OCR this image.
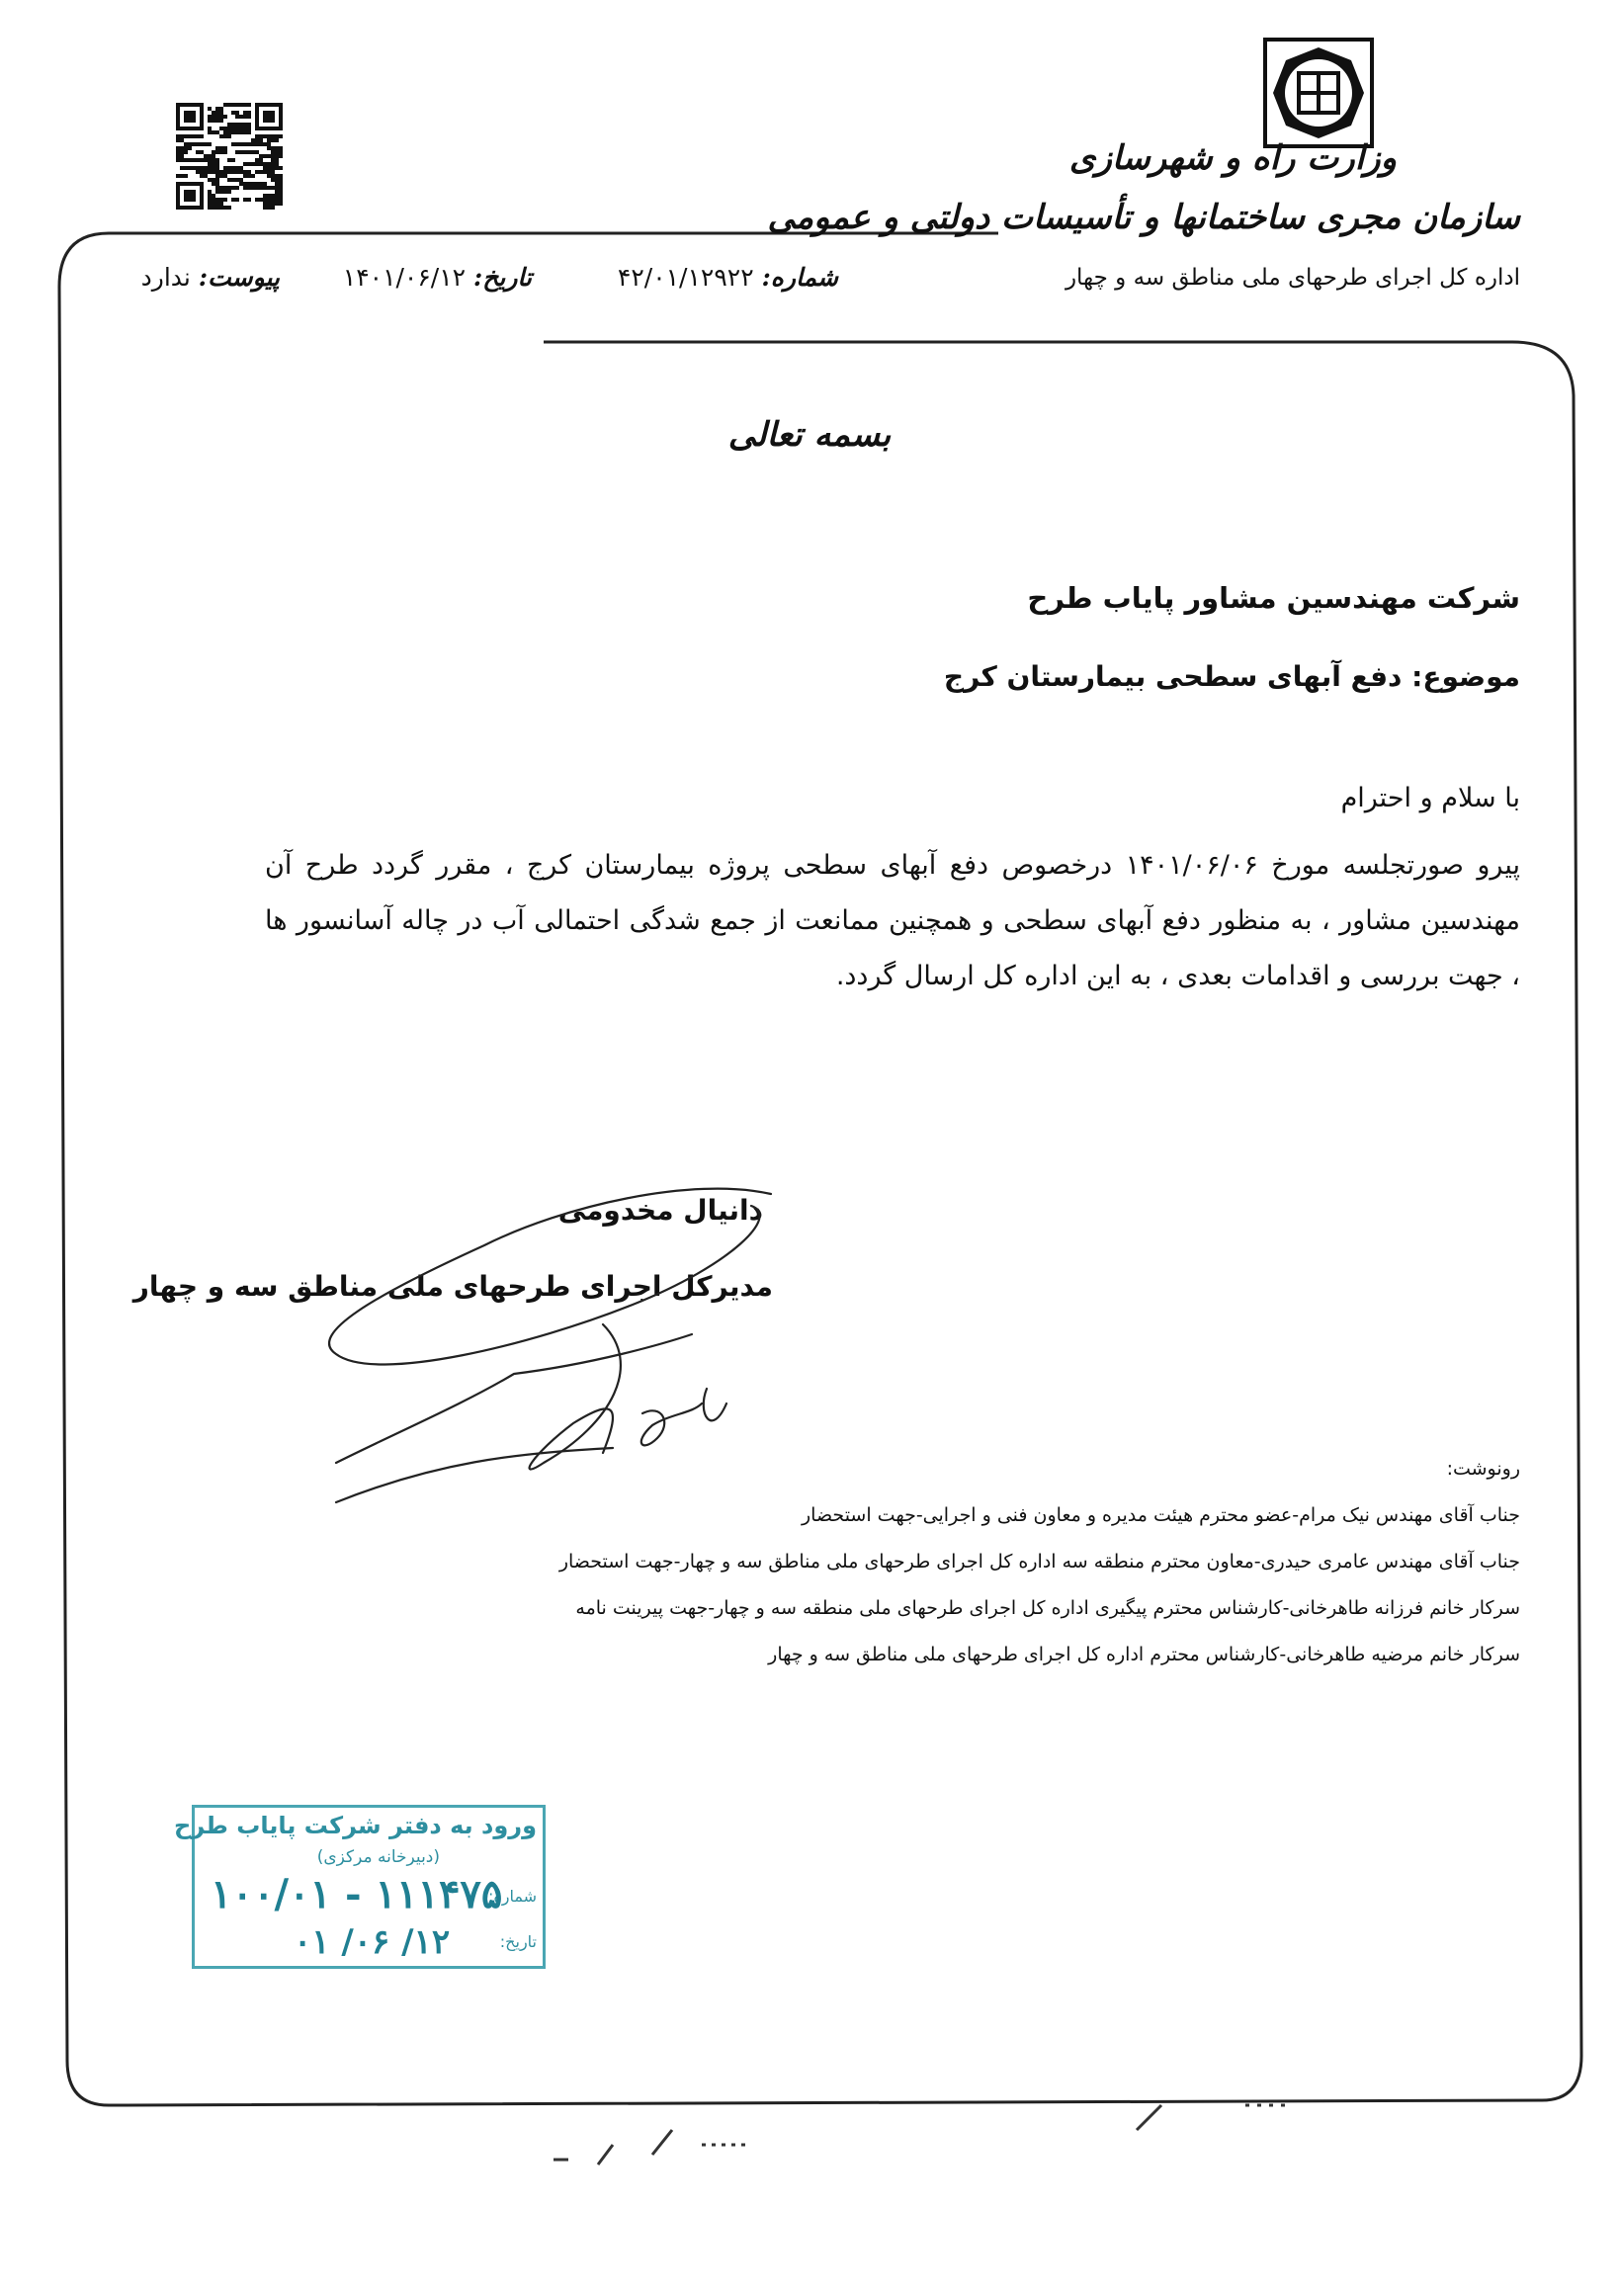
وزارت راه و شهرسازی
سازمان مجری ساختمانها و تأسیسات دولتی و عمومی
اداره کل اجرای طرحهای ملی مناطق سه و چهار
شماره: ۴۲/۰۱/۱۲۹۲۲
تاریخ: ۱۴۰۱/۰۶/۱۲
پیوست: ندارد
بسمه تعالی
شرکت مهندسین مشاور پایاب طرح
موضوع: دفع آبهای سطحی بیمارستان کرج
با سلام و احترام
پیرو صورتجلسه مورخ ۱۴۰۱/۰۶/۰۶ درخصوص دفع آبهای سطحی پروژه بیمارستان کرج ، مقرر گردد طرح آن مهندسین مشاور ، به منظور دفع آبهای سطحی و همچنین ممانعت از جمع شدگی احتمالی آب در چاله آسانسور ها ، جهت بررسی و اقدامات بعدی ، به این اداره کل ارسال گردد.
دانیال مخدومی
مدیرکل اجرای طرحهای ملی مناطق سه و چهار
رونوشت:
جناب آقای مهندس نیک مرام-عضو محترم هیئت مدیره و معاون فنی و اجرایی-جهت استحضار
جناب آقای مهندس عامری حیدری-معاون محترم منطقه سه اداره کل اجرای طرحهای ملی مناطق سه و چهار-جهت استحضار
سرکار خانم فرزانه طاهرخانی-کارشناس محترم پیگیری اداره کل اجرای طرحهای ملی منطقه سه و چهار-جهت پیرینت نامه
سرکار خانم مرضیه طاهرخانی-کارشناس محترم اداره کل اجرای طرحهای ملی مناطق سه و چهار
ورود به دفتر شرکت پایاب طرح
(دبیرخانه مرکزی)
شماره:
۱۰۰/۰۱ - ۱۱۱۴۷۵
تاریخ:
۰۱ /۰۶ /۱۲
